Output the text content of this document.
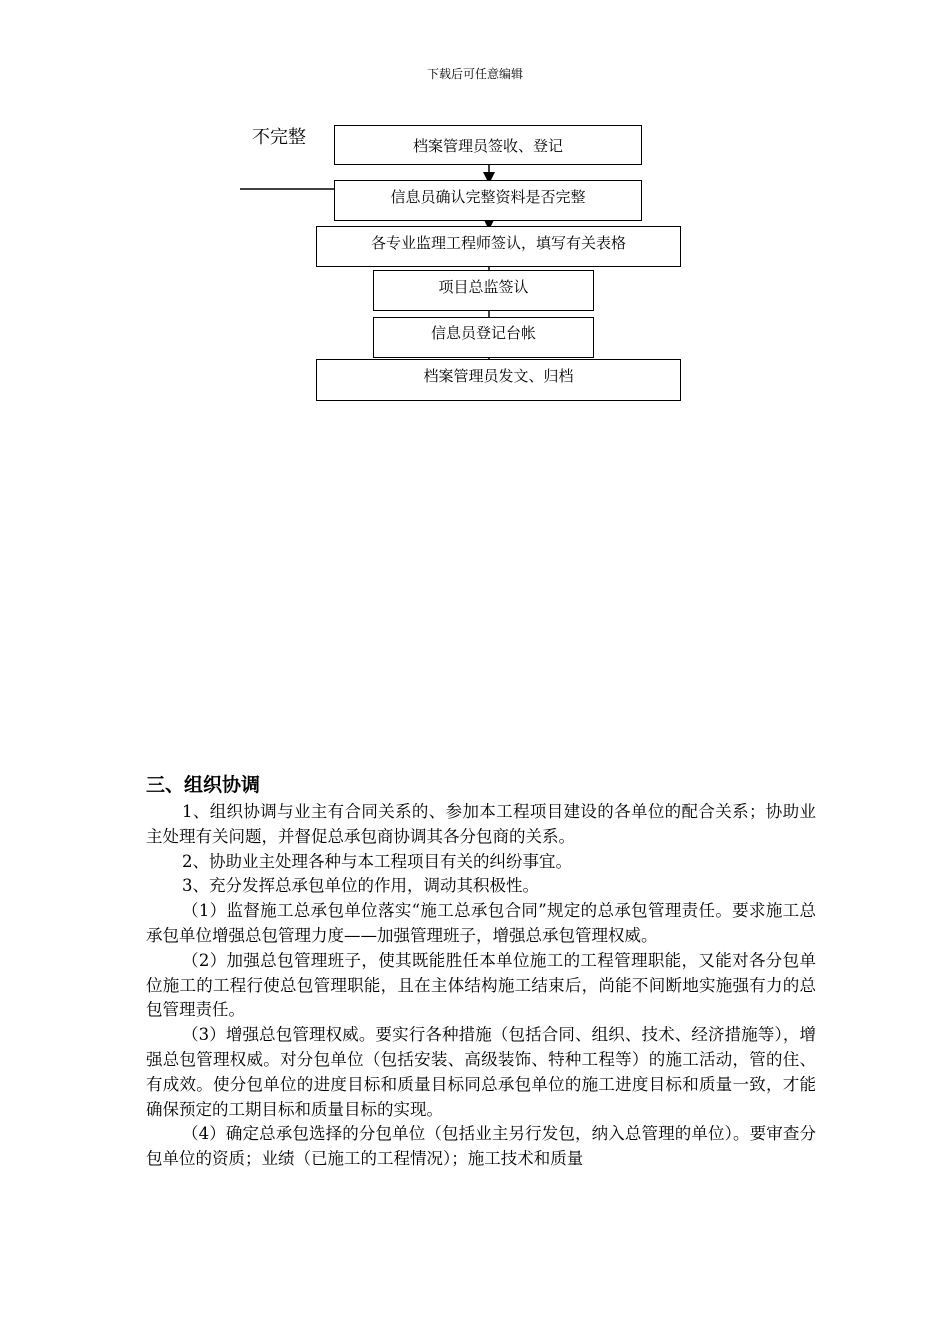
下载后可任意编辑
不完整	档案管理员签收、登记
信息员确认完整资料是否完整
各专业监理工程师签认，填写有关表格
项目总监签认
信息员登记台帐
档案管理员发文、归档
三、组织协调

1、组织协调与业主有合同关系的、参加本工程项目建设的各单位的配合关系；协助业主处理有关问题，并督促总承包商协调其各分包商的关系。

2、协助业主处理各种与本工程项目有关的纠纷事宜。

3、充分发挥总承包单位的作用，调动其积极性。

（1）监督施工总承包单位落实“施工总承包合同”规定的总承包管理责任。要求施工总承包单位增强总包管理力度——加强管理班子，增强总承包管理权威。

（2）加强总包管理班子，使其既能胜任本单位施工的工程管理职能，又能对各分包单位施工的工程行使总包管理职能，且在主体结构施工结束后，尚能不间断地实施强有力的总包管理责任。

（3）增强总包管理权威。要实行各种措施（包括合同、组织、技术、经济措施等），增强总包管理权威。对分包单位（包括安装、高级装饰、特种工程等）的施工活动，管的住、有成效。使分包单位的进度目标和质量目标同总承包单位的施工进度目标和质量一致，才能确保预定的工期目标和质量目标的实现。

（4）确定总承包选择的分包单位（包括业主另行发包，纳入总管理的单位）。要审查分包单位的资质；业绩（已施工的工程情况）；施工技术和质量
